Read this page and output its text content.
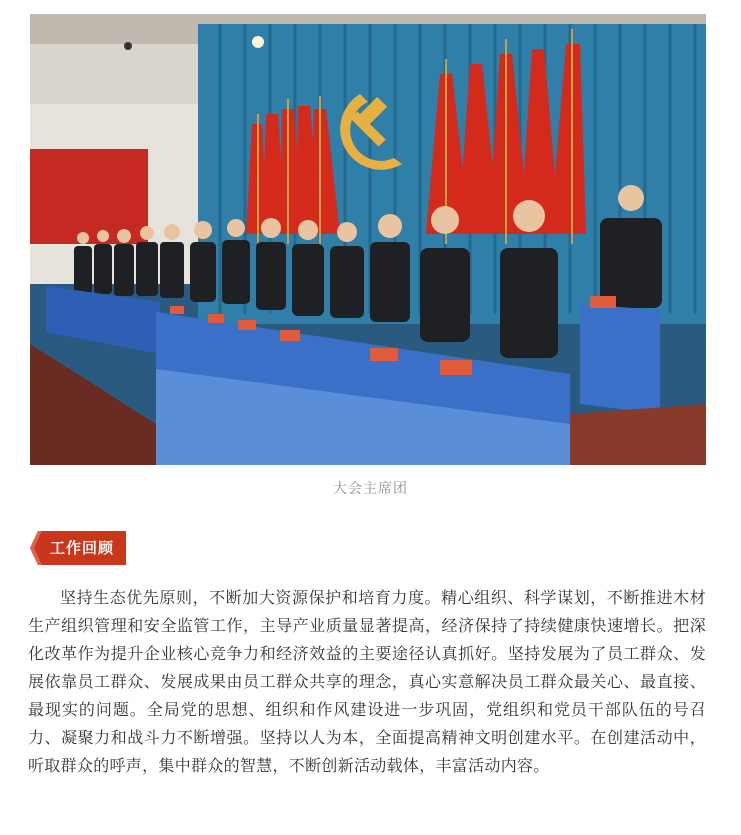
大会主席团
工作回顾
坚持生态优先原则，不断加大资源保护和培育力度。精心组织、科学谋划，不断推进木材生产组织管理和安全监管工作，主导产业质量显著提高，经济保持了持续健康快速增长。把深化改革作为提升企业核心竞争力和经济效益的主要途径认真抓好。坚持发展为了员工群众、发展依靠员工群众、发展成果由员工群众共享的理念，真心实意解决员工群众最关心、最直接、最现实的问题。全局党的思想、组织和作风建设进一步巩固，党组织和党员干部队伍的号召力、凝聚力和战斗力不断增强。坚持以人为本，全面提高精神文明创建水平。在创建活动中，听取群众的呼声，集中群众的智慧，不断创新活动载体，丰富活动内容。
